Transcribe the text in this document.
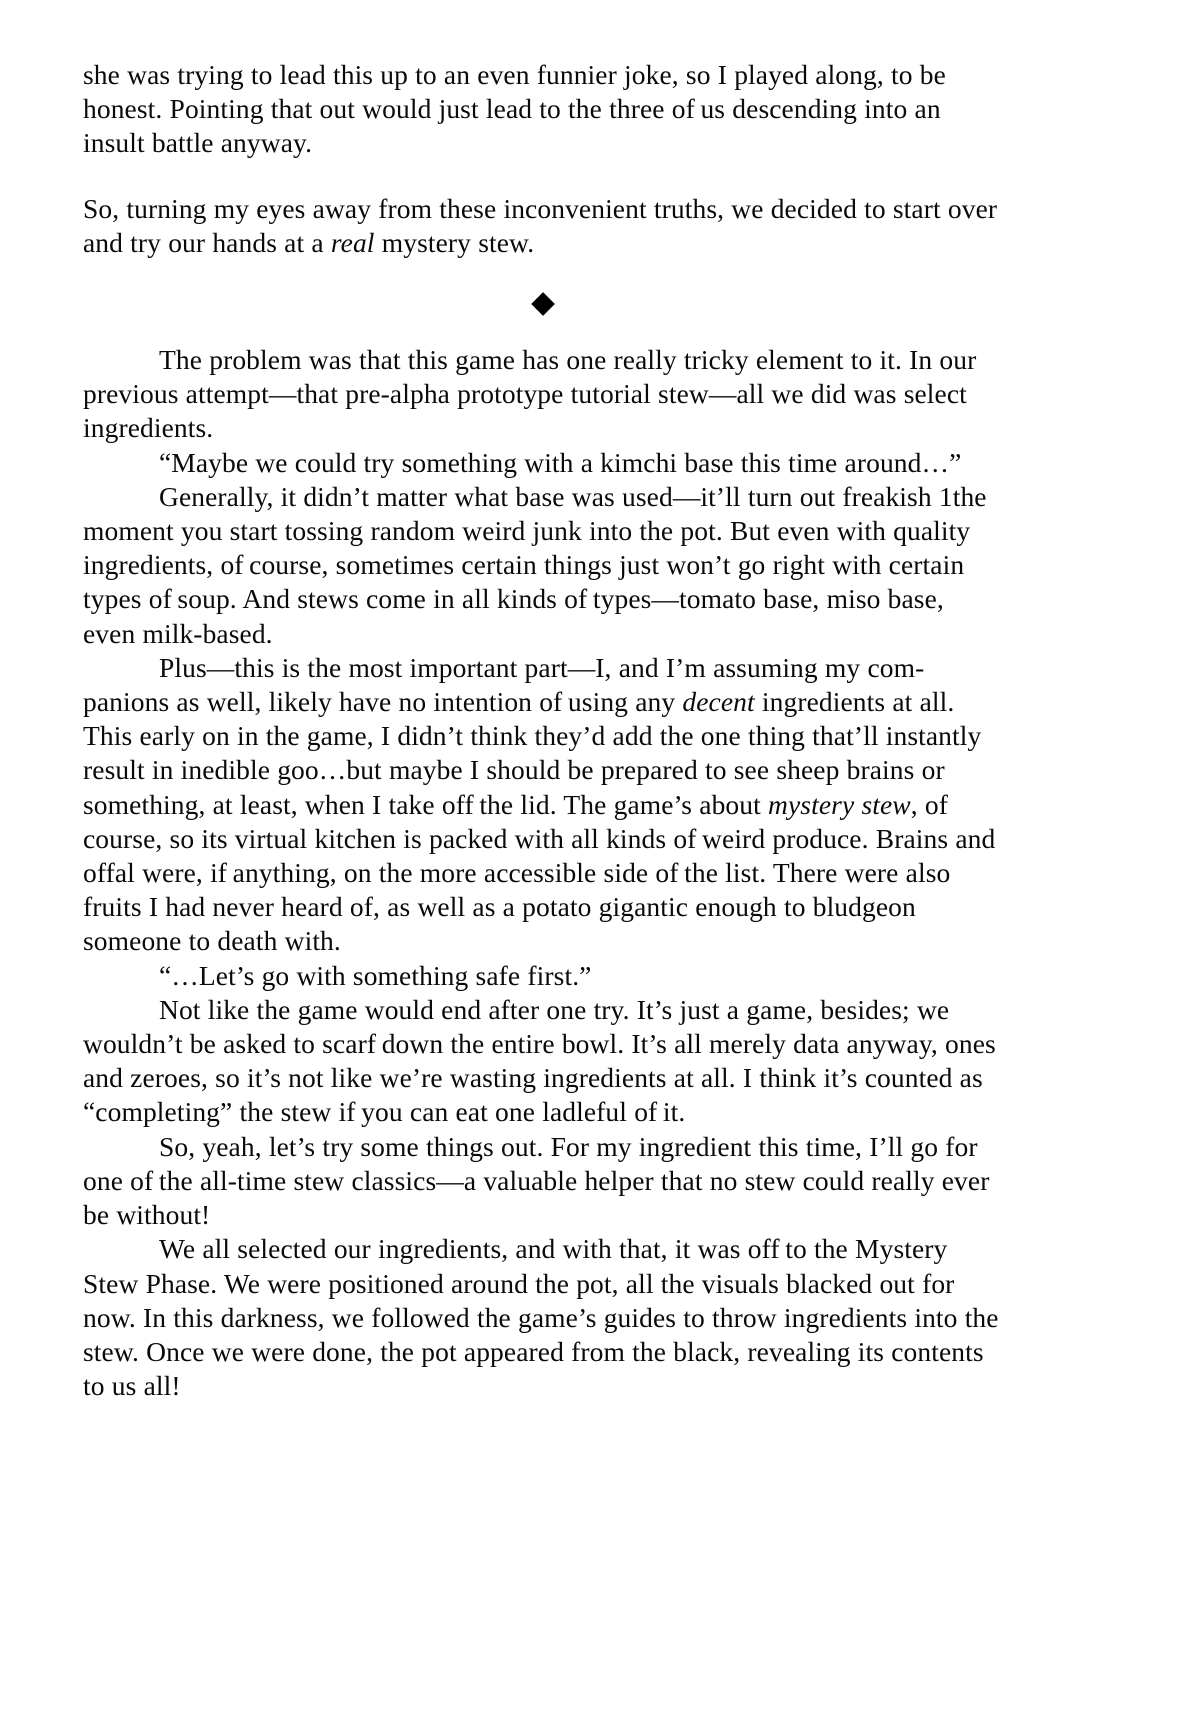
she was trying to lead this up to an even funnier joke, so I played along, to be honest. Pointing that out would just lead to the three of us descending into an insult battle anyway.

So, turning my eyes away from these inconvenient truths, we decided to start over and try our hands at a real mystery stew.

◆

The problem was that this game has one really tricky element to it. In our previous attempt—that pre-alpha prototype tutorial stew—all we did was select ingredients.

“Maybe we could try something with a kimchi base this time around…”

Generally, it didn’t matter what base was used—it’ll turn out freakish 1the moment you start tossing random weird junk into the pot. But even with quality ingredients, of course, sometimes certain things just won’t go right with certain types of soup. And stews come in all kinds of types—tomato base, miso base, even milk-based.

Plus—this is the most important part—I, and I’m assuming my com-panions as well, likely have no intention of using any decent ingredients at all. This early on in the game, I didn’t think they’d add the one thing that’ll instantly result in inedible goo…but maybe I should be prepared to see sheep brains or something, at least, when I take off the lid. The game’s about mystery stew, of course, so its virtual kitchen is packed with all kinds of weird produce. Brains and offal were, if anything, on the more accessible side of the list. There were also fruits I had never heard of, as well as a potato gigantic enough to bludgeon someone to death with.

“…Let’s go with something safe first.”

Not like the game would end after one try. It’s just a game, besides; we wouldn’t be asked to scarf down the entire bowl. It’s all merely data anyway, ones and zeroes, so it’s not like we’re wasting ingredients at all. I think it’s counted as “completing” the stew if you can eat one ladleful of it.

So, yeah, let’s try some things out. For my ingredient this time, I’ll go for one of the all-time stew classics—a valuable helper that no stew could really ever be without!

We all selected our ingredients, and with that, it was off to the Mystery Stew Phase. We were positioned around the pot, all the visuals blacked out for now. In this darkness, we followed the game’s guides to throw ingredients into the stew. Once we were done, the pot appeared from the black, revealing its contents to us all!
